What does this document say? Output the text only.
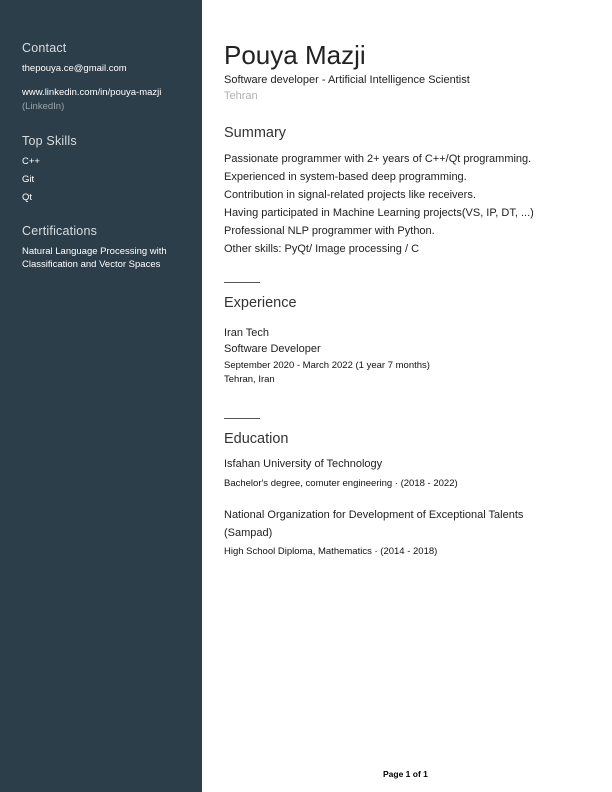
Contact
thepouya.ce@gmail.com
www.linkedin.com/in/pouya-mazji
(LinkedIn)
Top Skills
C++
Git
Qt
Certifications
Natural Language Processing with
Classification and Vector Spaces
Pouya Mazji
Software developer - Artificial Intelligence Scientist
Tehran
Summary
Passionate programmer with 2+ years of C++/Qt programming.
Experienced in system-based deep programming.
Contribution in signal-related projects like receivers.
Having participated in Machine Learning projects(VS, IP, DT, ...)
Professional NLP programmer with Python.
Other skills: PyQt/ Image processing / C
Experience
Iran Tech
Software Developer
September 2020 - March 2022 (1 year 7 months)
Tehran, Iran
Education
Isfahan University of Technology
Bachelor's degree, comuter engineering · (2018 - 2022)
National Organization for Development of Exceptional Talents
(Sampad)
High School Diploma, Mathematics · (2014 - 2018)
Page 1 of 1
